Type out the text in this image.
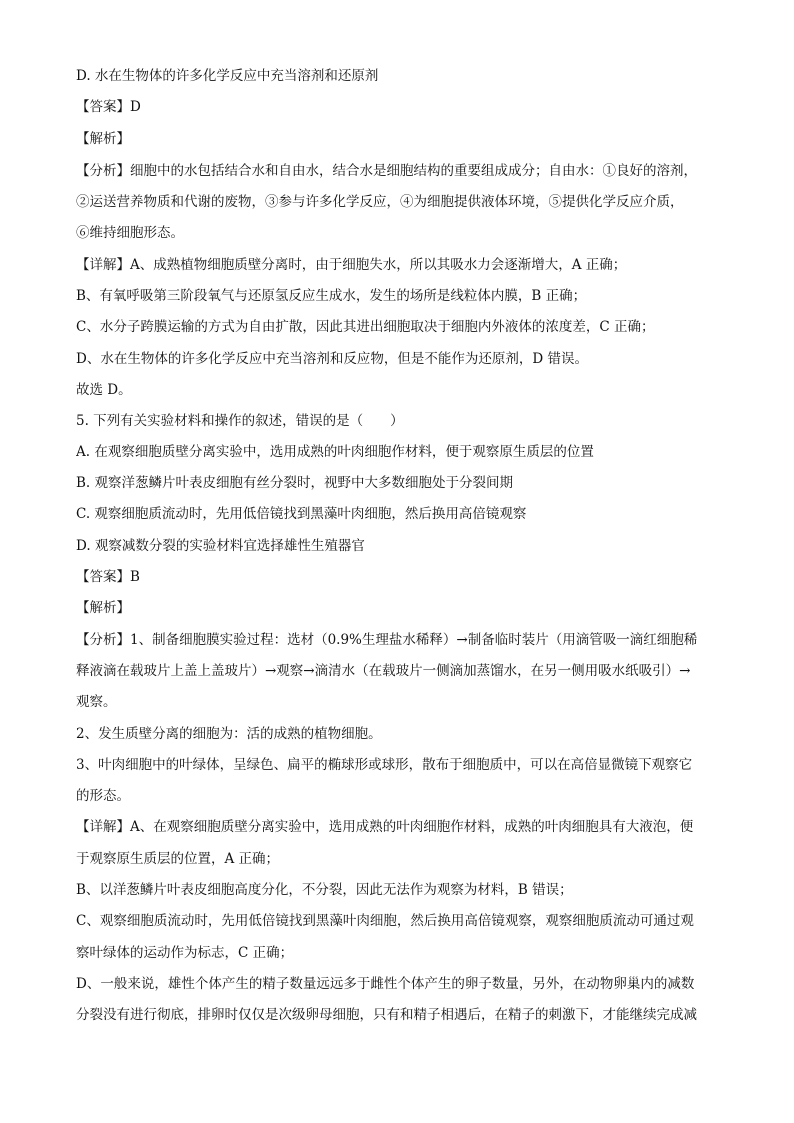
D. 水在生物体的许多化学反应中充当溶剂和还原剂
【答案】D
【解析】
【分析】细胞中的水包括结合水和自由水，结合水是细胞结构的重要组成成分；自由水：①良好的溶剂，
②运送营养物质和代谢的废物，③参与许多化学反应，④为细胞提供液体环境，⑤提供化学反应介质，
⑥维持细胞形态。
【详解】A、成熟植物细胞质壁分离时，由于细胞失水，所以其吸水力会逐渐增大，A 正确；
B、有氧呼吸第三阶段氧气与还原氢反应生成水，发生的场所是线粒体内膜，B 正确；
C、水分子跨膜运输的方式为自由扩散，因此其进出细胞取决于细胞内外液体的浓度差，C 正确；
D、水在生物体的许多化学反应中充当溶剂和反应物，但是不能作为还原剂，D 错误。
故选 D。
5. 下列有关实验材料和操作的叙述，错误的是（　　）
A. 在观察细胞质壁分离实验中，选用成熟的叶肉细胞作材料，便于观察原生质层的位置
B. 观察洋葱鳞片叶表皮细胞有丝分裂时，视野中大多数细胞处于分裂间期
C. 观察细胞质流动时，先用低倍镜找到黑藻叶肉细胞，然后换用高倍镜观察
D. 观察减数分裂的实验材料宜选择雄性生殖器官
【答案】B
【解析】
【分析】1、制备细胞膜实验过程：选材（0.9%生理盐水稀释）→制备临时装片（用滴管吸一滴红细胞稀
释液滴在载玻片上盖上盖玻片）→观察→滴清水（在载玻片一侧滴加蒸馏水，在另一侧用吸水纸吸引）→
观察。
2、发生质壁分离的细胞为：活的成熟的植物细胞。
3、叶肉细胞中的叶绿体，呈绿色、扁平的椭球形或球形，散布于细胞质中，可以在高倍显微镜下观察它
的形态。
【详解】A、在观察细胞质壁分离实验中，选用成熟的叶肉细胞作材料，成熟的叶肉细胞具有大液泡，便
于观察原生质层的位置，A 正确；
B、以洋葱鳞片叶表皮细胞高度分化，不分裂，因此无法作为观察为材料，B 错误；
C、观察细胞质流动时，先用低倍镜找到黑藻叶肉细胞，然后换用高倍镜观察，观察细胞质流动可通过观
察叶绿体的运动作为标志，C 正确；
D、一般来说，雄性个体产生的精子数量远远多于雌性个体产生的卵子数量，另外，在动物卵巢内的减数
分裂没有进行彻底，排卵时仅仅是次级卵母细胞，只有和精子相遇后，在精子的刺激下，才能继续完成减
